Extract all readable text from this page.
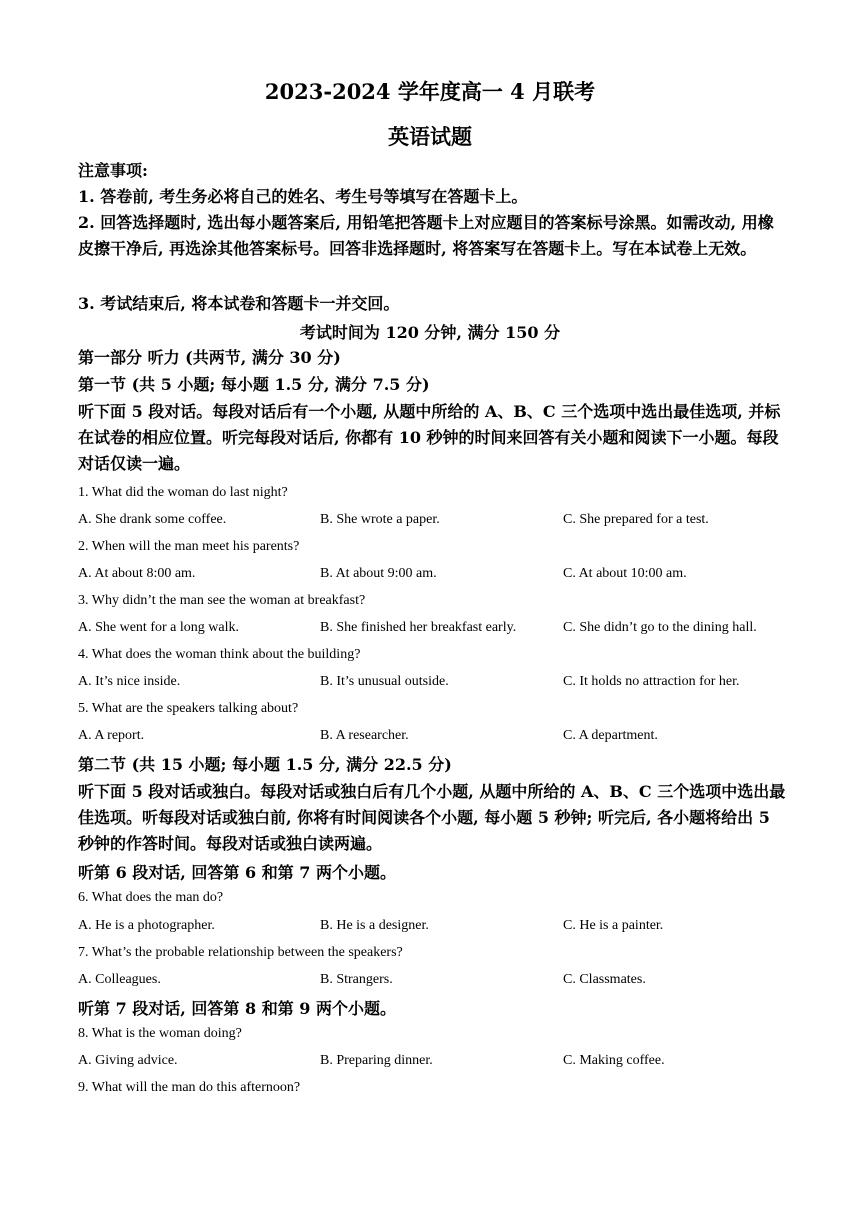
2023-2024 学年度高一 4 月联考
英语试题
注意事项:
1. 答卷前, 考生务必将自己的姓名、考生号等填写在答题卡上。
2. 回答选择题时, 选出每小题答案后, 用铅笔把答题卡上对应题目的答案标号涂黑。如需改动, 用橡皮擦干净后, 再选涂其他答案标号。回答非选择题时, 将答案写在答题卡上。写在本试卷上无效。
3. 考试结束后, 将本试卷和答题卡一并交回。
考试时间为 120 分钟, 满分 150 分
第一部分 听力 (共两节, 满分 30 分)
第一节 (共 5 小题; 每小题 1.5 分, 满分 7.5 分)
听下面 5 段对话。每段对话后有一个小题, 从题中所给的 A、B、C 三个选项中选出最佳选项, 并标在试卷的相应位置。听完每段对话后, 你都有 10 秒钟的时间来回答有关小题和阅读下一小题。每段对话仅读一遍。
1. What did the woman do last night?
A. She drank some coffee.	B. She wrote a paper.	C. She prepared for a test.
2. When will the man meet his parents?
A. At about 8:00 am.	B. At about 9:00 am.	C. At about 10:00 am.
3. Why didn’t the man see the woman at breakfast?
A. She went for a long walk.	B. She finished her breakfast early.	C. She didn’t go to the dining hall.
4. What does the woman think about the building?
A. It’s nice inside.	B. It’s unusual outside.	C. It holds no attraction for her.
5. What are the speakers talking about?
A. A report.	B. A researcher.	C. A department.
第二节 (共 15 小题; 每小题 1.5 分, 满分 22.5 分)
听下面 5 段对话或独白。每段对话或独白后有几个小题, 从题中所给的 A、B、C 三个选项中选出最佳选项。听每段对话或独白前, 你将有时间阅读各个小题, 每小题 5 秒钟; 听完后, 各小题将给出 5 秒钟的作答时间。每段对话或独白读两遍。
听第 6 段对话, 回答第 6 和第 7 两个小题。
6. What does the man do?
A. He is a photographer.	B. He is a designer.	C. He is a painter.
7. What’s the probable relationship between the speakers?
A. Colleagues.	B. Strangers.	C. Classmates.
听第 7 段对话, 回答第 8 和第 9 两个小题。
8. What is the woman doing?
A. Giving advice.	B. Preparing dinner.	C. Making coffee.
9. What will the man do this afternoon?
